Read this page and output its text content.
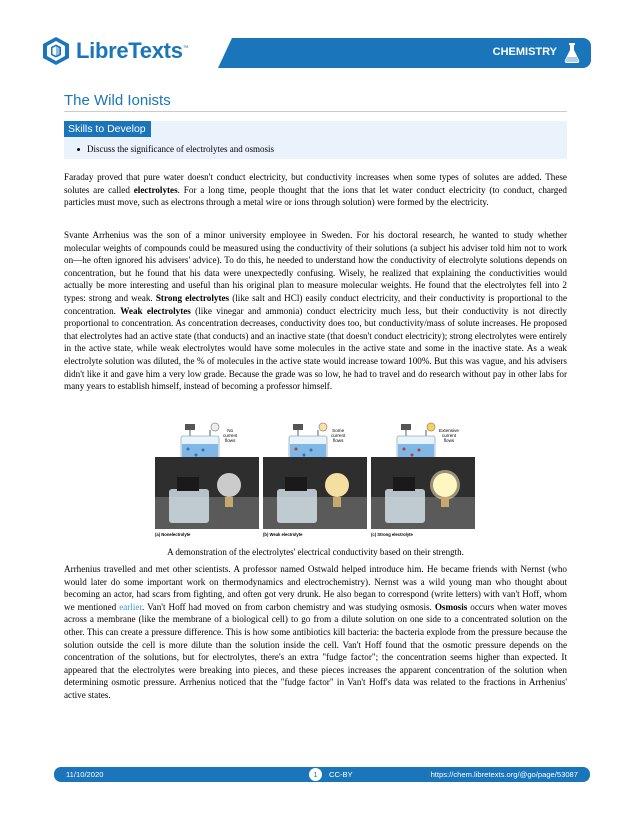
CHEMISTRY
LibreTexts™
The Wild Ionists
Skills to Develop
Discuss the significance of electrolytes and osmosis
Faraday proved that pure water doesn't conduct electricity, but conductivity increases when some types of solutes are added. These solutes are called electrolytes. For a long time, people thought that the ions that let water conduct electricity (to conduct, charged particles must move, such as electrons through a metal wire or ions through solution) were formed by the electricity.
Svante Arrhenius was the son of a minor university employee in Sweden. For his doctoral research, he wanted to study whether molecular weights of compounds could be measured using the conductivity of their solutions (a subject his adviser told him not to work on—he often ignored his advisers' advice). To do this, he needed to understand how the conductivity of electrolyte solutions depends on concentration, but he found that his data were unexpectedly confusing. Wisely, he realized that explaining the conductivities would actually be more interesting and useful than his original plan to measure molecular weights. He found that the electrolytes fell into 2 types: strong and weak. Strong electrolytes (like salt and HCl) easily conduct electricity, and their conductivity is proportional to the concentration. Weak electrolytes (like vinegar and ammonia) conduct electricity much less, but their conductivity is not directly proportional to concentration. As concentration decreases, conductivity does too, but conductivity/mass of solute increases. He proposed that electrolytes had an active state (that conducts) and an inactive state (that doesn't conduct electricity); strong electrolytes were entirely in the active state, while weak electrolytes would have some molecules in the active state and some in the inactive state. As a weak electrolyte solution was diluted, the % of molecules in the active state would increase toward 100%. But this was vague, and his advisers didn't like it and gave him a very low grade. Because the grade was so low, he had to travel and do research without pay in other labs for many years to establish himself, instead of becoming a professor himself.
No
current
flows
(a) Nonelectrolyte
Some
current
flows
(b) Weak electrolyte
Extensive
current
flows
(c) Strong electrolyte
A demonstration of the electrolytes' electrical conductivity based on their strength.
Arrhenius travelled and met other scientists. A professor named Ostwald helped introduce him. He became friends with Nernst (who would later do some important work on thermodynamics and electrochemistry). Nernst was a wild young man who thought about becoming an actor, had scars from fighting, and often got very drunk. He also began to correspond (write letters) with van't Hoff, whom we mentioned earlier. Van't Hoff had moved on from carbon chemistry and was studying osmosis. Osmosis occurs when water moves across a membrane (like the membrane of a biological cell) to go from a dilute solution on one side to a concentrated solution on the other. This can create a pressure difference. This is how some antibiotics kill bacteria: the bacteria explode from the pressure because the solution outside the cell is more dilute than the solution inside the cell. Van't Hoff found that the osmotic pressure depends on the concentration of the solutions, but for electrolytes, there's an extra "fudge factor"; the concentration seems higher than expected. It appeared that the electrolytes were breaking into pieces, and these pieces increases the apparent concentration of the solution when determining osmotic pressure. Arrhenius noticed that the "fudge factor" in Van't Hoff's data was related to the fractions in Arrhenius' active states.
11/10/2020	1	CC-BY	https://chem.libretexts.org/@go/page/53087
